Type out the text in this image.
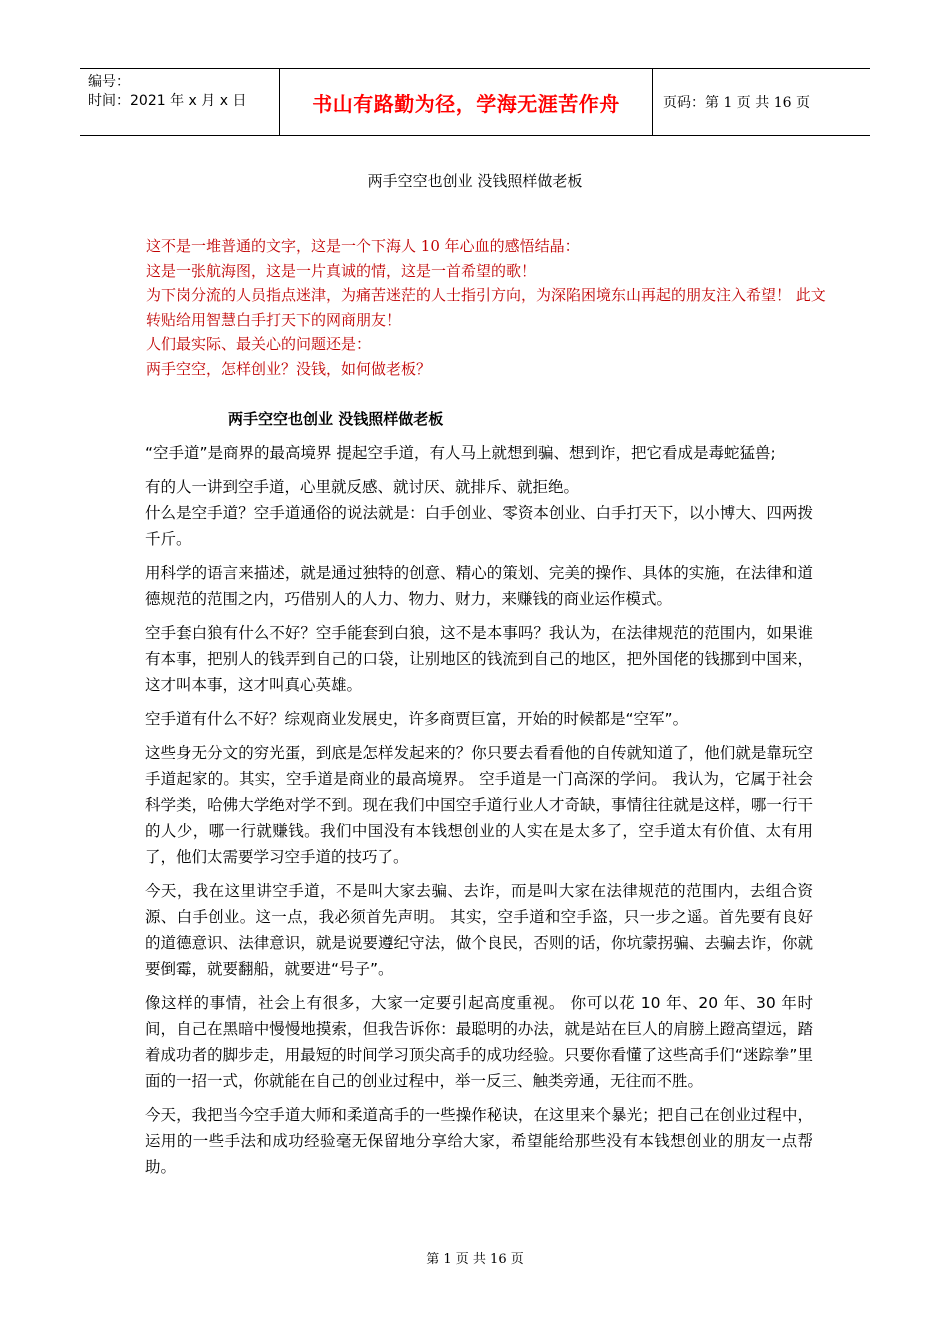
编号：
时间：2021 年 x 月 x 日	书山有路勤为径，学海无涯苦作舟	页码：第 1 页 共 16 页
两手空空也创业 没钱照样做老板

这不是一堆普通的文字，这是一个下海人 10 年心血的感悟结晶：

这是一张航海图，这是一片真诚的情，这是一首希望的歌！

为下岗分流的人员指点迷津，为痛苦迷茫的人士指引方向，为深陷困境东山再起的朋友注入希望！ 此文转贴给用智慧白手打天下的网商朋友！

人们最实际、最关心的问题还是：

两手空空，怎样创业？没钱，如何做老板？

两手空空也创业 没钱照样做老板

“空手道”是商界的最高境界 提起空手道，有人马上就想到骗、想到诈，把它看成是毒蛇猛兽;

有的人一讲到空手道，心里就反感、就讨厌、就排斥、就拒绝。

什么是空手道？空手道通俗的说法就是：白手创业、零资本创业、白手打天下，以小博大、四两拨千斤。

用科学的语言来描述，就是通过独特的创意、精心的策划、完美的操作、具体的实施，在法律和道德规范的范围之内，巧借别人的人力、物力、财力，来赚钱的商业运作模式。

空手套白狼有什么不好？空手能套到白狼，这不是本事吗？我认为，在法律规范的范围内，如果谁有本事，把别人的钱弄到自己的口袋，让别地区的钱流到自己的地区，把外国佬的钱挪到中国来，这才叫本事，这才叫真心英雄。

空手道有什么不好？综观商业发展史，许多商贾巨富，开始的时候都是“空军”。

这些身无分文的穷光蛋，到底是怎样发起来的？你只要去看看他的自传就知道了，他们就是靠玩空手道起家的。其实，空手道是商业的最高境界。 空手道是一门高深的学问。 我认为，它属于社会科学类，哈佛大学绝对学不到。现在我们中国空手道行业人才奇缺，事情往往就是这样，哪一行干的人少，哪一行就赚钱。我们中国没有本钱想创业的人实在是太多了，空手道太有价值、太有用了，他们太需要学习空手道的技巧了。

今天，我在这里讲空手道，不是叫大家去骗、去诈，而是叫大家在法律规范的范围内，去组合资源、白手创业。这一点，我必须首先声明。 其实，空手道和空手盗，只一步之遥。首先要有良好的道德意识、法律意识，就是说要遵纪守法，做个良民，否则的话，你坑蒙拐骗、去骗去诈，你就要倒霉，就要翻船，就要进“号子”。

像这样的事情，社会上有很多，大家一定要引起高度重视。 你可以花 10 年、20 年、30 年时间，自己在黑暗中慢慢地摸索，但我告诉你：最聪明的办法，就是站在巨人的肩膀上蹬高望远，踏着成功者的脚步走，用最短的时间学习顶尖高手的成功经验。只要你看懂了这些高手们“迷踪拳”里面的一招一式，你就能在自己的创业过程中，举一反三、触类旁通，无往而不胜。

今天，我把当今空手道大师和柔道高手的一些操作秘诀，在这里来个暴光；把自己在创业过程中，运用的一些手法和成功经验毫无保留地分享给大家，希望能给那些没有本钱想创业的朋友一点帮助。

第 1 页 共 16 页
